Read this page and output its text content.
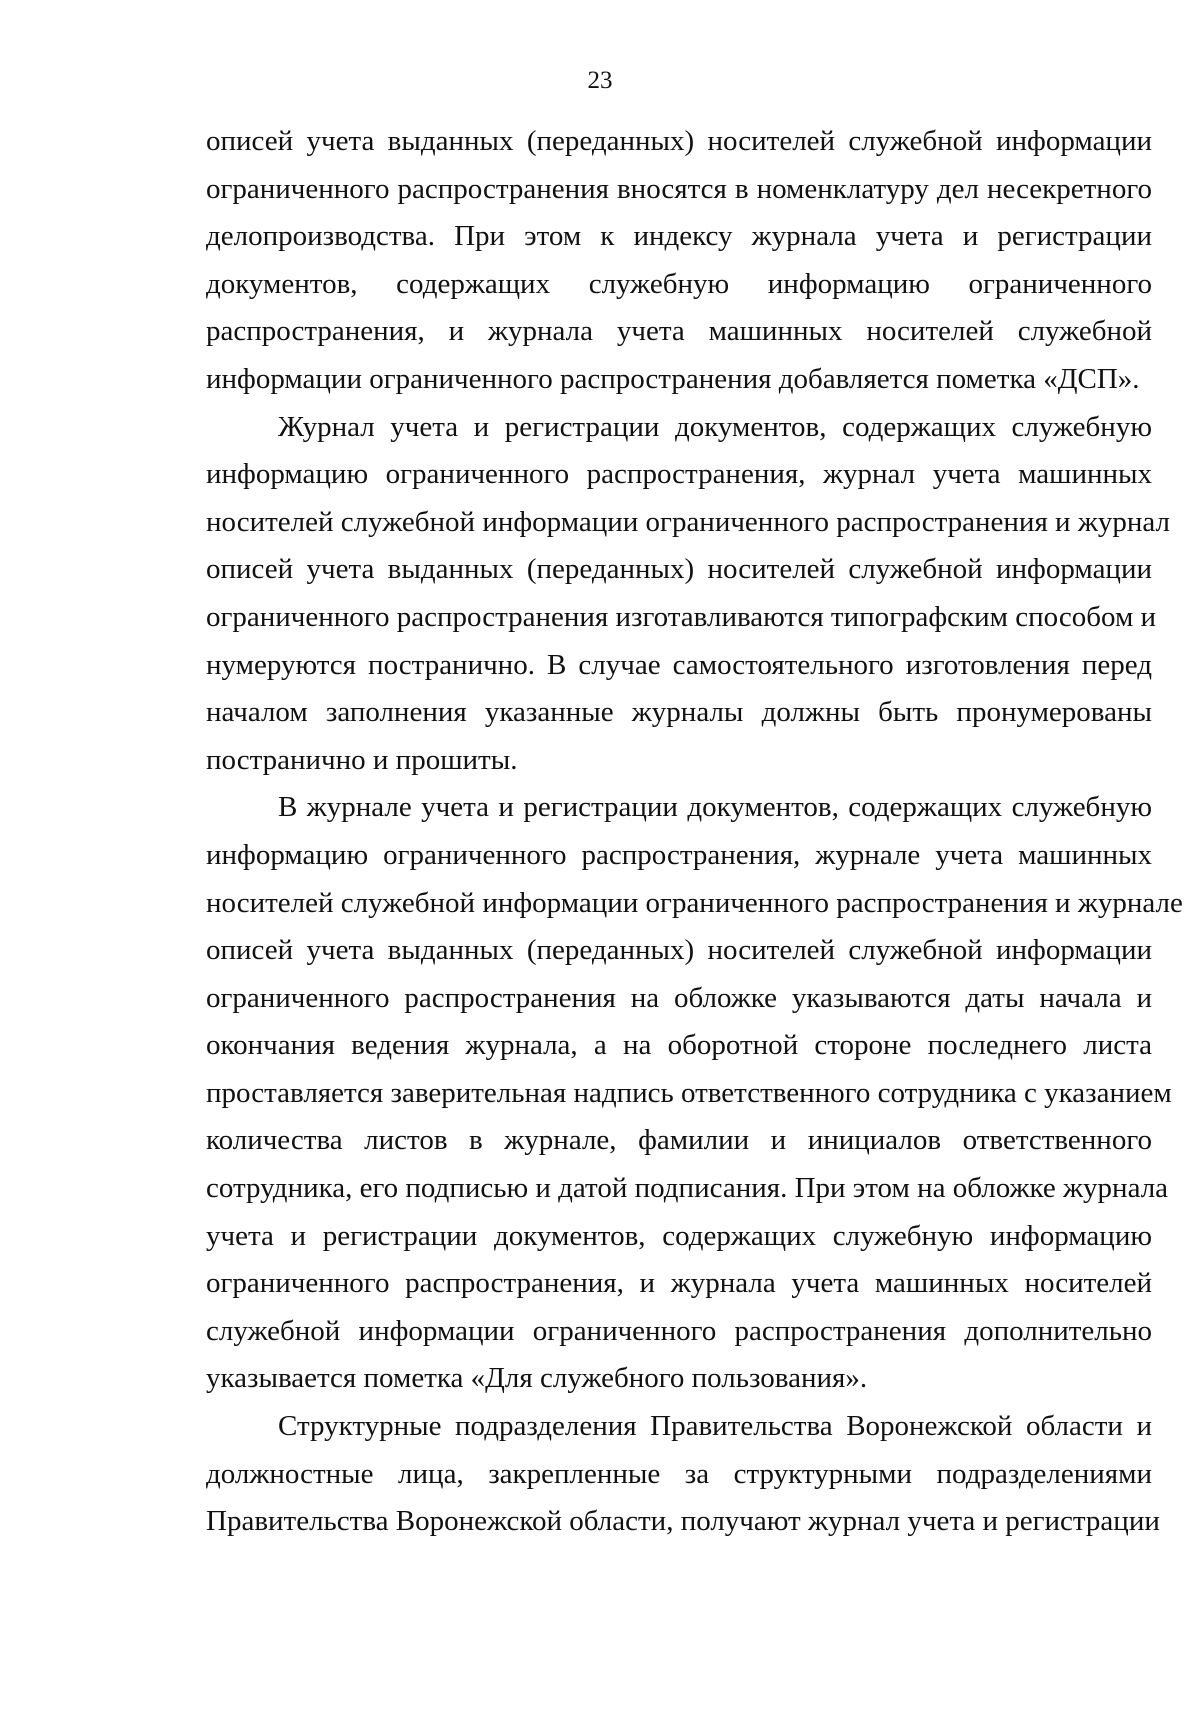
23

описей учета выданных (переданных) носителей служебной информации
ограниченного распространения вносятся в номенклатуру дел несекретного
делопроизводства. При этом к индексу журнала учета и регистрации
документов, содержащих служебную информацию ограниченного
распространения, и журнала учета машинных носителей служебной
информации ограниченного распространения добавляется пометка «ДСП».
Журнал учета и регистрации документов, содержащих служебную
информацию ограниченного распространения, журнал учета машинных
носителей служебной информации ограниченного распространения и журнал
описей учета выданных (переданных) носителей служебной информации
ограниченного распространения изготавливаются типографским способом и
нумеруются постранично. В случае самостоятельного изготовления перед
началом заполнения указанные журналы должны быть пронумерованы
постранично и прошиты.
В журнале учета и регистрации документов, содержащих служебную
информацию ограниченного распространения, журнале учета машинных
носителей служебной информации ограниченного распространения и журнале
описей учета выданных (переданных) носителей служебной информации
ограниченного распространения на обложке указываются даты начала и
окончания ведения журнала, а на оборотной стороне последнего листа
проставляется заверительная надпись ответственного сотрудника с указанием
количества листов в журнале, фамилии и инициалов ответственного
сотрудника, его подписью и датой подписания. При этом на обложке журнала
учета и регистрации документов, содержащих служебную информацию
ограниченного распространения, и журнала учета машинных носителей
служебной информации ограниченного распространения дополнительно
указывается пометка «Для служебного пользования».
Структурные подразделения Правительства Воронежской области и
должностные лица, закрепленные за структурными подразделениями
Правительства Воронежской области, получают журнал учета и регистрации
